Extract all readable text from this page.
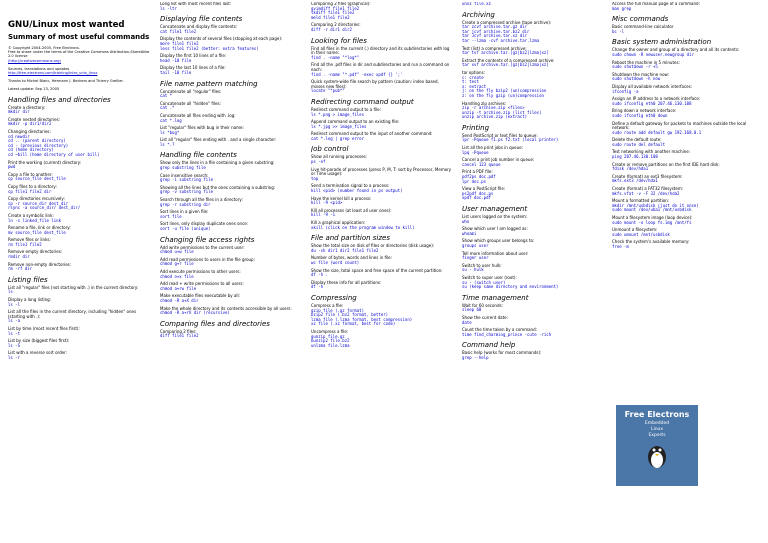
GNU/Linux most wanted
Summary of most useful commands
© Copyright 2004-2005, Free Electrons.
Free to share under the terms of the Creative Commons Attribution-ShareAlike 2.0 license
(http://creativecommons.org)
Sources, translations and updates
http://free-electrons.com/training/intro_unix_linux
Thanks to Michel Blanc, Hermann J. Beckers and Thierry Grellier.
Latest update: Sep 13, 2005
Handling files and directories
Create a directory:
mkdir dir
Create nested directories:
mkdir -p dir1/dir2
Changing directories:
cd newdir
cd .. (parent directory)
cd - (previous directory)
cd (home directory)
cd ~bill (home directory of user bill)
Print the working (current) directory:
pwd
Copy a file to another:
cp source_file dest_file
Copy files to a directory:
cp file1 file2 dir
Copy directories recursively:
cp -r source_dir dest_dir
rsync -a source_dir/ dest_dir/
Create a symbolic link:
ln -s linked_file link
Rename a file, link or directory:
mv source_file dest_file
Remove files or links:
rm file1 file2
Remove empty directories:
rmdir dir
Remove non-empty directories:
rm -rf dir
Listing files
List all "regular" files (not starting with .) in the current directory:
ls
Display a long listing:
ls -l
List all the files in the current directory, including "hidden" ones (starting with .):
ls -a
List by time (most recent files first):
ls -t
List by size (biggest files first):
ls -S
List with a reverse sort order:
ls -r
Long list with most recent files last:
ls -ltr
Displaying file contents
Concatenate and display file contents:
cat file1 file2
Display the contents of several files (stopping at each page):
more file1 file2
less file1 file2 (better: extra features)
Display the first 10 lines of a file:
head -10 file
Display the last 10 lines of a file:
tail -10 file
File name pattern matching
Concatenate all "regular" files:
cat *
Concatenate all "hidden" files:
cat .*
Concatenate all files ending with .log:
cat *.log
List "regular" files with bug in their name:
ls *bug*
List all "regular" files ending with . and a single character:
ls *.?
Handling file contents
Show only the lines in a file containing a given substring:
grep substring file
Case insensitive search:
grep -i substring file
Showing all the lines but the ones containing a substring:
grep -v substring file
Search through all the files in a directory:
grep -r substring dir
Sort lines in a given file:
sort file
Sort lines, only display duplicate ones once:
sort -u file (unique)
Changing file access rights
Add write permissions to the current user:
chmod u+w file
Add read permissions to users in the file group:
chmod g+r file
Add execute permissions to other users:
chmod o+x file
Add read + write permissions to all users:
chmod a+rw file
Make executable files executable by all:
chmod -R a+X dir
Make the whole directory and its contents accessible by all users:
chmod -R a+rX dir (recursive)
Comparing files and directories
Comparing 2 files:
diff file1 file2
Comparing 2 files (graphical):
gvimdiff file1 file2
tkdiff file1 file2
meld file1 file2
Comparing 2 directories:
diff -r dir1 dir2
Looking for files
Find all files in the current (.) directory and its subdirectories with log in their name:
find . -name "*log*"
Find all the .pdf files in dir and subdirectories and run a command on each:
find . -name "*.pdf" -exec xpdf {} ';'
Quick system-wide file search by pattern (caution: index based, misses new files):
locate "*pub*"
Redirecting command output
Redirect command output to a file:
ls *.png > image_files
Append command output to an existing file:
ls *.jpg >> image_files
Redirect command output to the input of another command:
cat *.log | grep error
Job control
Show all running processes:
ps -ef
Live hit-parade of processes (press P, M, T: sort by Processor, Memory or Time usage):
top
Send a termination signal to a process:
kill <pid> (number found in ps output)
Have the kernel kill a process:
kill -9 <pid>
Kill all processes (at least all user ones):
kill -9 -1
Kill a graphical application:
xkill (click on the program window to kill)
File and partition sizes
Show the total size on disk of files or directories (disk usage):
du -sh dir1 dir2 file1 file2
Number of bytes, words and lines in file:
wc file (word count)
Show the size, total space and free space of the current partition:
df -h .
Display these info for all partitions:
df -h
Compressing
Compress a file:
gzip file (.gz format)
bzip2 file (.bz2 format, better)
lzma file (.lzma format, best compression)
xz file (.xz format, best for code)
Uncompress a file:
gunzip file.gz
bunzip2 file.bz2
unlzma file.lzma
unxz file.xz
Archiving
Create a compressed archive (tape archive):
tar zcvf archive.tar.gz dir
tar jcvf archive.tar.bz2 dir
tar Jcvf archive.tar.xz dir
tar --lzma -cvf archive.tar.lzma
Test (list) a compressed archive:
tar tvf archive.tar.[gz|bz2|lzma|xz]
Extract the contents of a compressed archive:
tar xvf archive.tar.[gz|bz2|lzma|xz]
tar options:
c: create
t: test
x: extract
j: on the fly bzip2 (un)compression
z: on the fly gzip (un)compression
Handling zip archives:
zip -r archive.zip <files>
unzip -t archive.zip (list files)
unzip archive.zip (extract)
Printing
Send PostScript or text files to queue:
lpr -Pqueue f1.ps f2.txt (local printer)
List all the print jobs in queue:
lpq -Pqueue
Cancel a print job number in queue:
cancel 123 queue
Print a PDF file:
pdf2ps doc.pdf
lpr doc.ps
View a PostScript file:
ps2pdf doc.ps
xpdf doc.pdf
User management
List users logged on the system:
who
Show which user I am logged as:
whoami
Show which groups user belongs to:
groups user
Tell more information about user:
finger user
Switch to user hulk:
su - hulk
Switch to super user (root):
su - (switch user)
su (keep same directory and environment)
Time management
Wait for 60 seconds:
sleep 60
Show the current date:
date
Count the time taken by a command:
time find_charming_prince -cute -rich
Command help
Basic help (works for most commands):
grep --help
Access the full manual page of a command:
man grep
Misc commands
Basic command-line calculator
bc -l
Basic system administration
Change the owner and group of a directory and all its contents:
sudo chown -R newuser.newgroup dir
Reboot the machine in 5 minutes:
sudo shutdown -r +5
Shutdown the machine now:
sudo shutdown -h now
Display all available network interfaces:
ifconfig -a
Assign an IP address to a network interface:
sudo ifconfig eth0 207.46.130.108
Bring down a network interface:
sudo ifconfig eth0 down
Define a default gateway for packets to machines outside the local network:
sudo route add default gw 192.168.0.1
Delete the default route:
sudo route del default
Test networking with another machine:
ping 207.46.130.108
Create or remove partitions on the first IDE hard disk:
fdisk /dev/hda1
Create (format) an ext3 filesystem:
mkfs.ext3 /dev/hda1
Create (format) a FAT32 filesystem:
mkfs.vfat -v -F 32 /dev/hda2
Mount a formatted partition:
mkdir /mnt/usbdisk (just do it once)
sudo mount /dev/uba1 /mnt/usbdisk
Mount a filesystem image (loop device):
sudo mount -o loop fs.img /mnt/fs
Unmount a filesystem:
sudo umount /mnt/usbdisk
Check the system's available memory:
free -m
Free Electrons
Embedded
Linux
Experts
